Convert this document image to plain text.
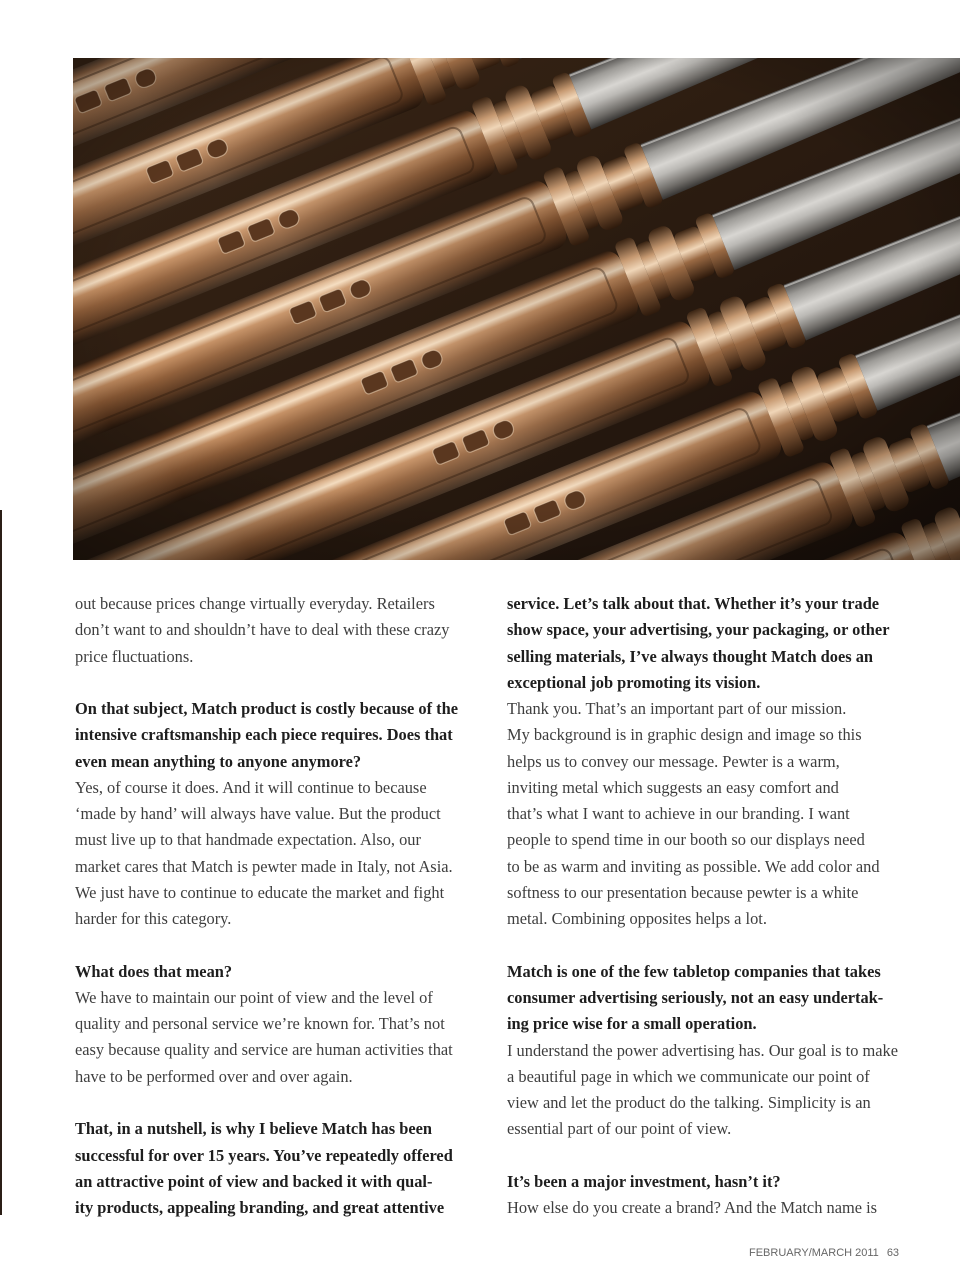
out because prices change virtually everyday. Retailers
don’t want to and shouldn’t have to deal with these crazy
price fluctuations.

On that subject, Match product is costly because of the
intensive craftsmanship each piece requires. Does that
even mean anything to anyone anymore?

Yes, of course it does. And it will continue to because
‘made by hand’ will always have value. But the product
must live up to that handmade expectation. Also, our
market cares that Match is pewter made in Italy, not Asia.
We just have to continue to educate the market and fight
harder for this category.

What does that mean?

We have to maintain our point of view and the level of
quality and personal service we’re known for. That’s not
easy because quality and service are human activities that
have to be performed over and over again.

That, in a nutshell, is why I believe Match has been
successful for over 15 years. You’ve repeatedly offered
an attractive point of view and backed it with qual-
ity products, appealing branding, and great attentive

service. Let’s talk about that. Whether it’s your trade
show space, your advertising, your packaging, or other
selling materials, I’ve always thought Match does an
exceptional job promoting its vision.

Thank you. That’s an important part of our mission.
My background is in graphic design and image so this
helps us to convey our message. Pewter is a warm,
inviting metal which suggests an easy comfort and
that’s what I want to achieve in our branding. I want
people to spend time in our booth so our displays need
to be as warm and inviting as possible. We add color and
softness to our presentation because pewter is a white
metal. Combining opposites helps a lot.

Match is one of the few tabletop companies that takes
consumer advertising seriously, not an easy undertak-
ing price wise for a small operation.

I understand the power advertising has. Our goal is to make
a beautiful page in which we communicate our point of
view and let the product do the talking. Simplicity is an
essential part of our point of view.

It’s been a major investment, hasn’t it?

How else do you create a brand? And the Match name is

FEBRUARY/MARCH 2011 63
